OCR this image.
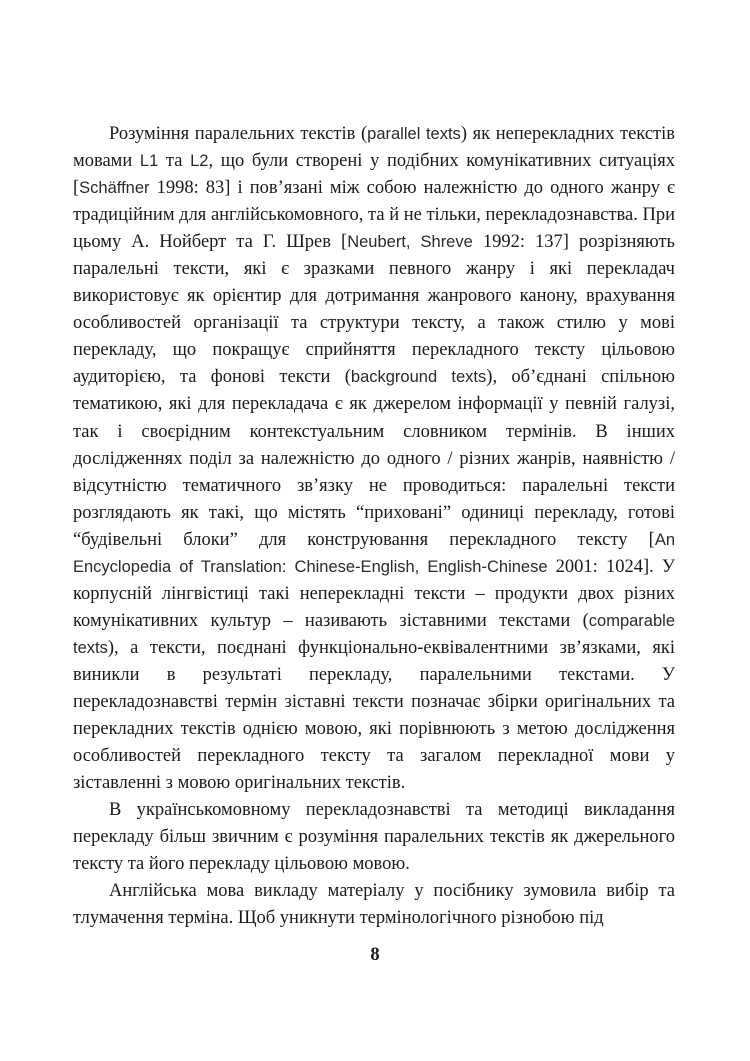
Розуміння паралельних текстів (parallel texts) як неперекладних текстів мовами L1 та L2, що були створені у подібних комунікативних ситуаціях [Schäffner 1998: 83] і пов’язані між собою належністю до одного жанру є традиційним для англійськомовного, та й не тільки, перекладознавства. При цьому А. Нойберт та Г. Шрев [Neubert, Shreve 1992: 137] розрізняють паралельні тексти, які є зразками певного жанру і які перекладач використовує як орієнтир для дотримання жанрового канону, врахування особливостей організації та структури тексту, а також стилю у мові перекладу, що покращує сприйняття перекладного тексту цільовою аудиторією, та фонові тексти (background texts), об’єднані спільною тематикою, які для перекладача є як джерелом інформації у певній галузі, так і своєрідним контекстуальним словником термінів. В інших дослідженнях поділ за належністю до одного / різних жанрів, наявністю / відсутністю тематичного зв’язку не проводиться: паралельні тексти розглядають як такі, що містять “приховані” одиниці перекладу, готові “будівельні блоки” для конструювання перекладного тексту [An Encyclopedia of Translation: Chinese-English, English-Chinese 2001: 1024]. У корпусній лінгвістиці такі неперекладні тексти – продукти двох різних комунікативних культур – називають зіставними текстами (comparable texts), а тексти, поєднані функціонально-еквівалентними зв’язками, які виникли в результаті перекладу, паралельними текстами. У перекладознавстві термін зіставні тексти позначає збірки оригінальних та перекладних текстів однією мовою, які порівнюють з метою дослідження особливостей перекладного тексту та загалом перекладної мови у зіставленні з мовою оригінальних текстів.

В українськомовному перекладознавстві та методиці викладання перекладу більш звичним є розуміння паралельних текстів як джерельного тексту та його перекладу цільовою мовою.

Англійська мова викладу матеріалу у посібнику зумовила вибір та тлумачення терміна. Щоб уникнути термінологічного різнобою під

8
